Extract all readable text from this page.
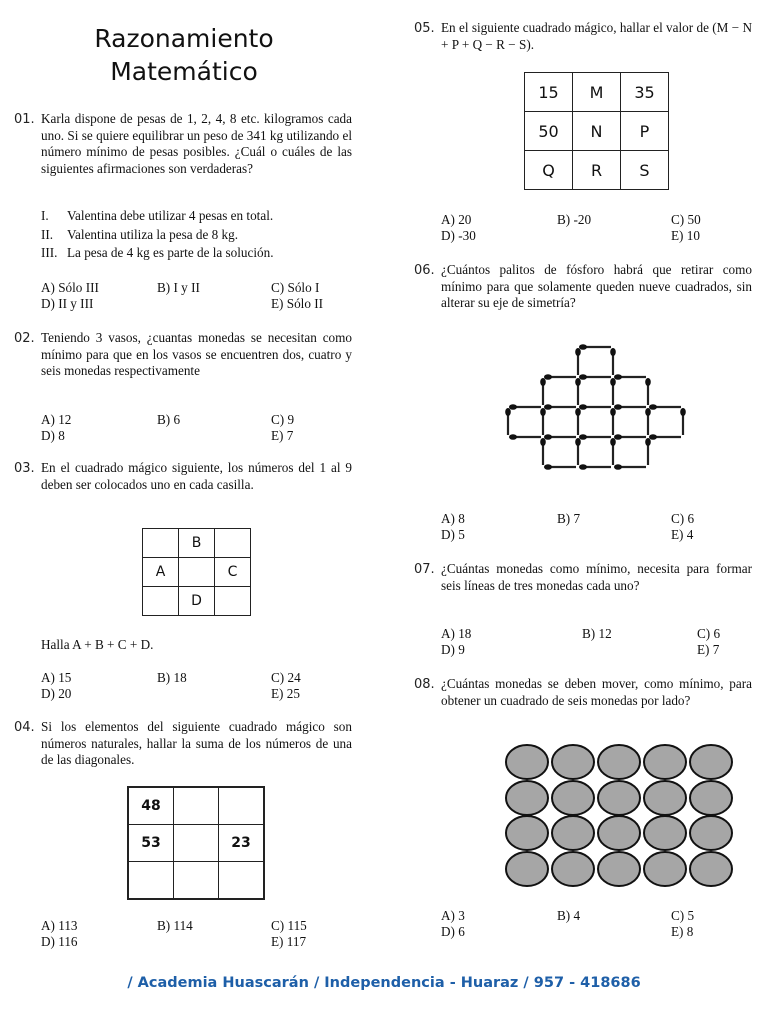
Razonamiento
Matemático
01. Karla dispone de pesas de 1, 2, 4, 8 etc. kilogramos cada uno. Si se quiere equilibrar un peso de 341 kg utilizando el número mínimo de pesas posibles. ¿Cuál o cuáles de las siguientes afirmaciones son verdaderas?
I. Valentina debe utilizar 4 pesas en total.
II. Valentina utiliza la pesa de 8 kg.
III. La pesa de 4 kg es parte de la solución.
A) Sólo III	B) I y II	C) Sólo I
D) II y III	E) Sólo II
02. Teniendo 3 vasos, ¿cuantas monedas se necesitan como mínimo para que en los vasos se encuentren dos, cuatro y seis monedas respectivamente
A) 12	B) 6	C) 9
D) 8	E) 7
03. En el cuadrado mágico siguiente, los números del 1 al 9 deben ser colocados uno en cada casilla.
	B	
A		C
	D	
Halla A + B + C + D.
A) 15	B) 18	C) 24
D) 20	E) 25
04. Si los elementos del siguiente cuadrado mágico son números naturales, hallar la suma de los números de una de las diagonales.
48		
53		23

A) 113	B) 114	C) 115
D) 116	E) 117
05. En el siguiente cuadrado mágico, hallar el valor de (M − N + P + Q − R − S).
15	M	35
50	N	P
Q	R	S
A) 20	B) -20	C) 50
D) -30	E) 10
06. ¿Cuántos palitos de fósforo habrá que retirar como mínimo para que solamente queden nueve cuadrados, sin alterar su eje de simetría?
A) 8	B) 7	C) 6
D) 5	E) 4
07. ¿Cuántas monedas como mínimo, necesita para formar seis líneas de tres monedas cada uno?
A) 18	B) 12	C) 6
D) 9	E) 7
08. ¿Cuántas monedas se deben mover, como mínimo, para obtener un cuadrado de seis monedas por lado?
A) 3	B) 4	C) 5
D) 6	E) 8
/ Academia Huascarán / Independencia - Huaraz / 957 - 418686
